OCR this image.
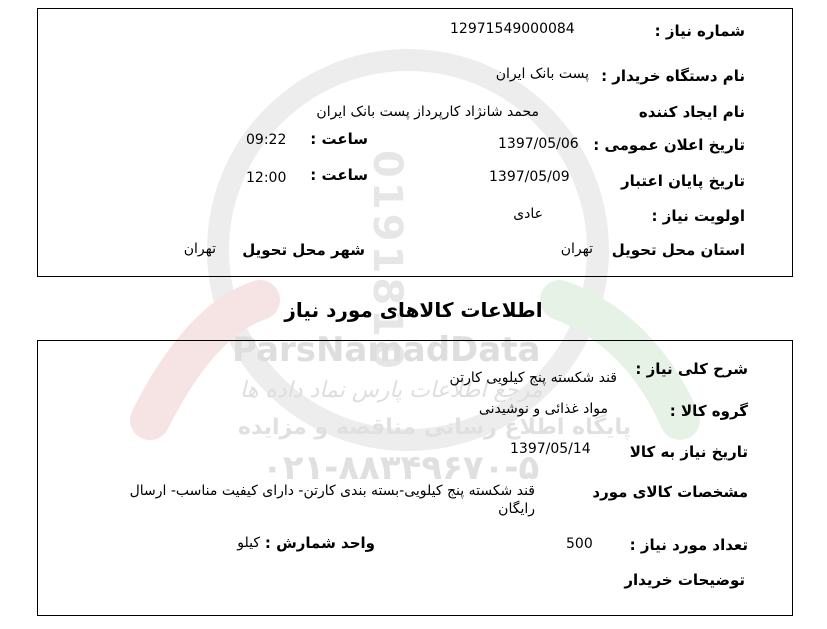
0191810
ParsNamadData
مرجع اطلاعات پارس نماد داده ها
پایگاه اطلاع رسانی مناقصه و مزایده
۰۲۱-۸۸۳۴۹۶۷۰-۵
شماره نیاز :
12971549000084
نام دستگاه خریدار :
پست بانک ایران
نام ایجاد کننده
محمد شانژاد کارپرداز پست بانک ایران
تاریخ اعلان عمومی :
1397/05/06
ساعت :
09:22
تاریخ پایان اعتبار
1397/05/09
ساعت :
12:00
اولویت نیاز :
عادی
استان محل تحویل
تهران
شهر محل تحویل
تهران
اطلاعات کالاهای مورد نیاز
شرح کلی نیاز :
قند شکسته پنج کیلویی کارتن
گروه کالا :
مواد غذائی و نوشیدنی
تاریخ نیاز به کالا
1397/05/14
مشخصات کالای مورد
قند شکسته پنج کیلویی-بسته بندی کارتن- دارای کیفیت مناسب- ارسال
رایگان
تعداد مورد نیاز :
500
واحد شمارش :
کیلو
توضیحات خریدار
